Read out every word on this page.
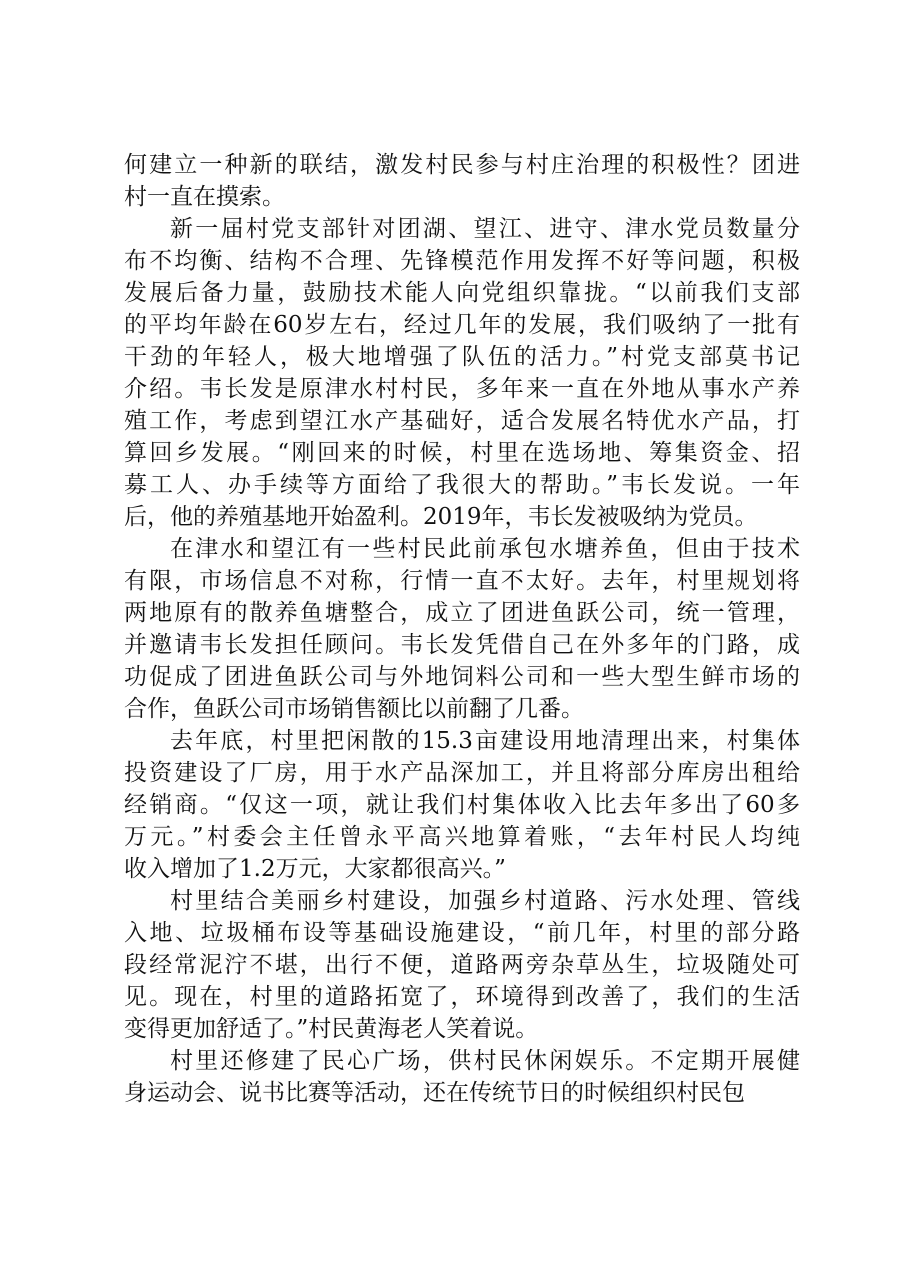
何建立一种新的联结，激发村民参与村庄治理的积极性？团进
村一直在摸索。
新一届村党支部针对团湖、望江、进守、津水党员数量分
布不均衡、结构不合理、先锋模范作用发挥不好等问题，积极
发展后备力量，鼓励技术能人向党组织靠拢。“以前我们支部
的平均年龄在60岁左右，经过几年的发展，我们吸纳了一批有
干劲的年轻人，极大地增强了队伍的活力。”村党支部莫书记
介绍。韦长发是原津水村村民，多年来一直在外地从事水产养
殖工作，考虑到望江水产基础好，适合发展名特优水产品，打
算回乡发展。“刚回来的时候，村里在选场地、筹集资金、招
募工人、办手续等方面给了我很大的帮助。”韦长发说。一年
后，他的养殖基地开始盈利。2019年，韦长发被吸纳为党员。
在津水和望江有一些村民此前承包水塘养鱼，但由于技术
有限，市场信息不对称，行情一直不太好。去年，村里规划将
两地原有的散养鱼塘整合，成立了团进鱼跃公司，统一管理，
并邀请韦长发担任顾问。韦长发凭借自己在外多年的门路，成
功促成了团进鱼跃公司与外地饲料公司和一些大型生鲜市场的
合作，鱼跃公司市场销售额比以前翻了几番。
去年底，村里把闲散的15.3亩建设用地清理出来，村集体
投资建设了厂房，用于水产品深加工，并且将部分库房出租给
经销商。“仅这一项，就让我们村集体收入比去年多出了60多
万元。”村委会主任曾永平高兴地算着账，“去年村民人均纯
收入增加了1.2万元，大家都很高兴。”
村里结合美丽乡村建设，加强乡村道路、污水处理、管线
入地、垃圾桶布设等基础设施建设，“前几年，村里的部分路
段经常泥泞不堪，出行不便，道路两旁杂草丛生，垃圾随处可
见。现在，村里的道路拓宽了，环境得到改善了，我们的生活
变得更加舒适了。”村民黄海老人笑着说。
村里还修建了民心广场，供村民休闲娱乐。不定期开展健
身运动会、说书比赛等活动，还在传统节日的时候组织村民包
